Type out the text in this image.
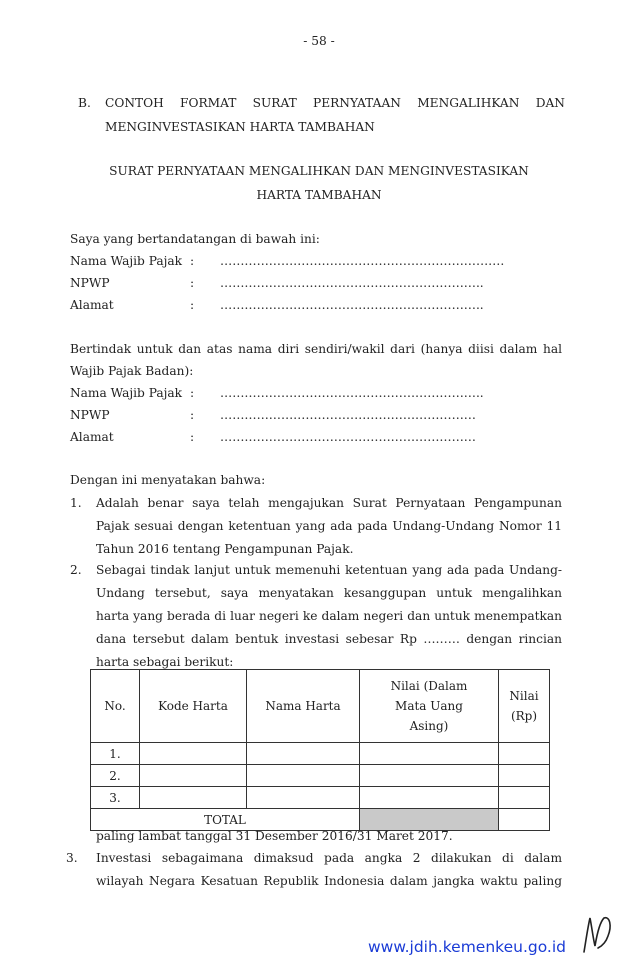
- 58 -
B. CONTOH FORMAT SURAT PERNYATAAN MENGALIHKAN DAN
MENGINVESTASIKAN HARTA TAMBAHAN
SURAT PERNYATAAN MENGALIHKAN DAN MENGINVESTASIKAN
HARTA TAMBAHAN
Saya yang bertandatangan di bawah ini:
Nama Wajib Pajak : …………………………………………………………….
NPWP	: ………………………………………………………..
Alamat	: ………………………………………………………..
Bertindak untuk dan atas nama diri sendiri/wakil dari (hanya diisi dalam hal
Wajib Pajak Badan):
Nama Wajib Pajak : ………………………………………………………..
NPWP	: ………………………………………………………
Alamat	: ………………………………………………………
Dengan ini menyatakan bahwa:
1. Adalah benar saya telah mengajukan Surat Pernyataan Pengampunan
Pajak sesuai dengan ketentuan yang ada pada Undang-Undang Nomor 11
Tahun 2016 tentang Pengampunan Pajak.
2. Sebagai tindak lanjut untuk memenuhi ketentuan yang ada pada Undang-
Undang tersebut, saya menyatakan kesanggupan untuk mengalihkan
harta yang berada di luar negeri ke dalam negeri dan untuk menempatkan
dana tersebut dalam bentuk investasi sebesar Rp ……… dengan rincian
harta sebagai berikut:
No.	Kode Harta	Nama Harta	Nilai (Dalam Mata Uang Asing)	Nilai (Rp)
1.				
2.				
3.				
TOTAL				
paling lambat tanggal 31 Desember 2016/31 Maret 2017.
3. Investasi sebagaimana dimaksud pada angka 2 dilakukan di dalam
wilayah Negara Kesatuan Republik Indonesia dalam jangka waktu paling
www.jdih.kemenkeu.go.id
